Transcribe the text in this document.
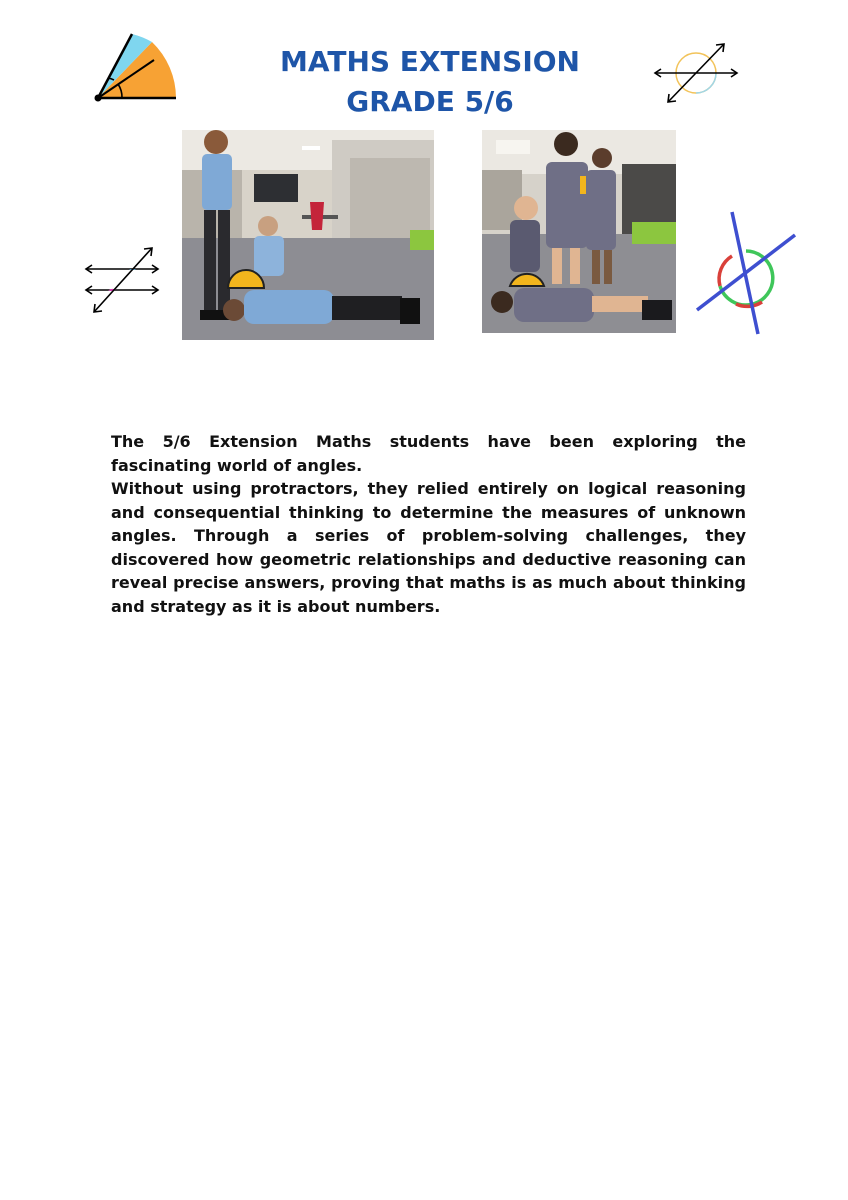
MATHS EXTENSION
GRADE 5/6

The 5/6 Extension Maths students have been exploring the fascinating world of angles.

Without using protractors, they relied entirely on logical reasoning and consequential thinking to determine the measures of unknown angles. Through a series of problem-solving challenges, they discovered how geometric relationships and deductive reasoning can reveal precise answers, proving that maths is as much about thinking and strategy as it is about numbers.
